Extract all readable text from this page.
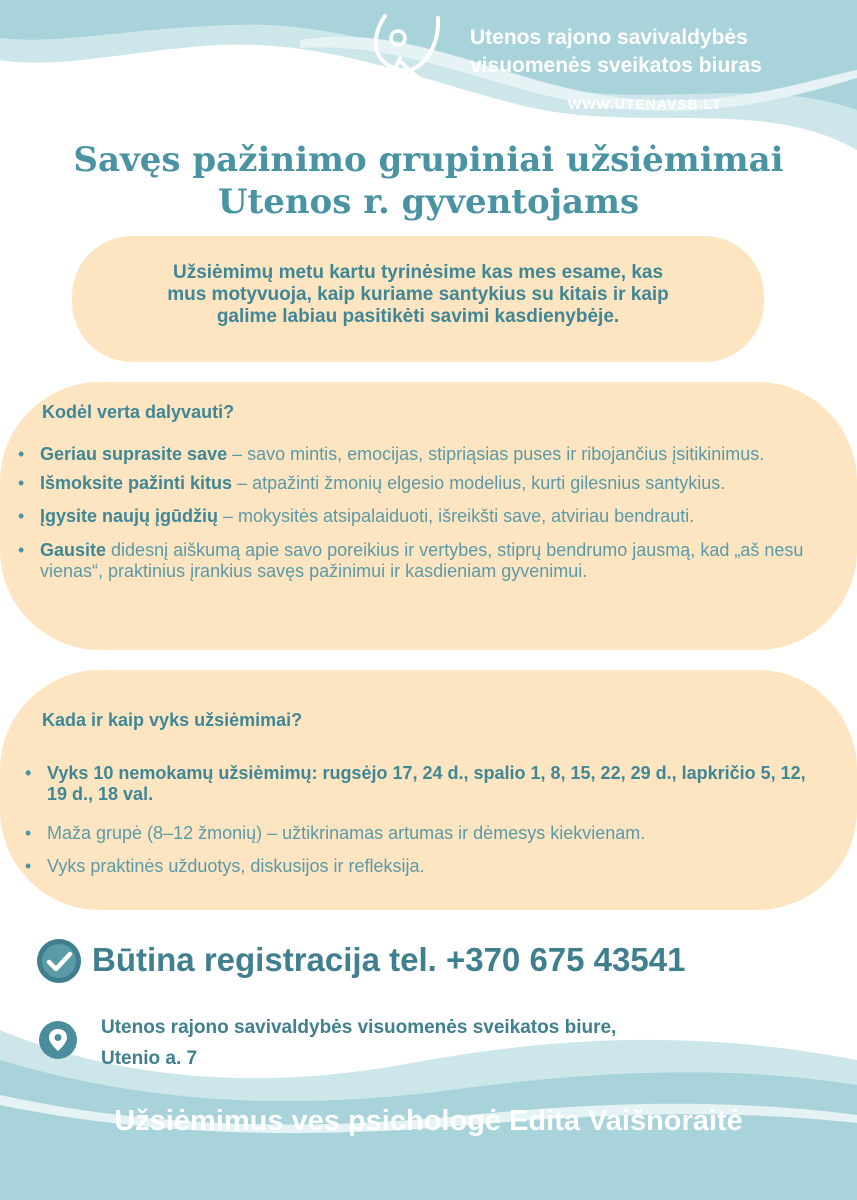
Utenos rajono savivaldybės
visuomenės sveikatos biuras
WWW.UTENAVSB.LT
Savęs pažinimo grupiniai užsiėmimai
Utenos r. gyventojams
Užsiėmimų metu kartu tyrinėsime kas mes esame, kas
mus motyvuoja, kaip kuriame santykius su kitais ir kaip
galime labiau pasitikėti savimi kasdienybėje.
Kodėl verta dalyvauti?
• Geriau suprasite save – savo mintis, emocijas, stipriąsias puses ir ribojančius įsitikinimus.
• Išmoksite pažinti kitus – atpažinti žmonių elgesio modelius, kurti gilesnius santykius.
• Įgysite naujų įgūdžių – mokysitės atsipalaiduoti, išreikšti save, atviriau bendrauti.
• Gausite didesnį aiškumą apie savo poreikius ir vertybes, stiprų bendrumo jausmą, kad „aš nesu vienas“, praktinius įrankius savęs pažinimui ir kasdieniam gyvenimui.
Kada ir kaip vyks užsiėmimai?
• Vyks 10 nemokamų užsiėmimų: rugsėjo 17, 24 d., spalio 1, 8, 15, 22, 29 d., lapkričio 5, 12, 19 d., 18 val.
• Maža grupė (8–12 žmonių) – užtikrinamas artumas ir dėmesys kiekvienam.
• Vyks praktinės užduotys, diskusijos ir refleksija.
Būtina registracija tel. +370 675 43541
Utenos rajono savivaldybės visuomenės sveikatos biure,
Utenio a. 7
Užsiėmimus ves psichologė Edita Vaišnoraitė
